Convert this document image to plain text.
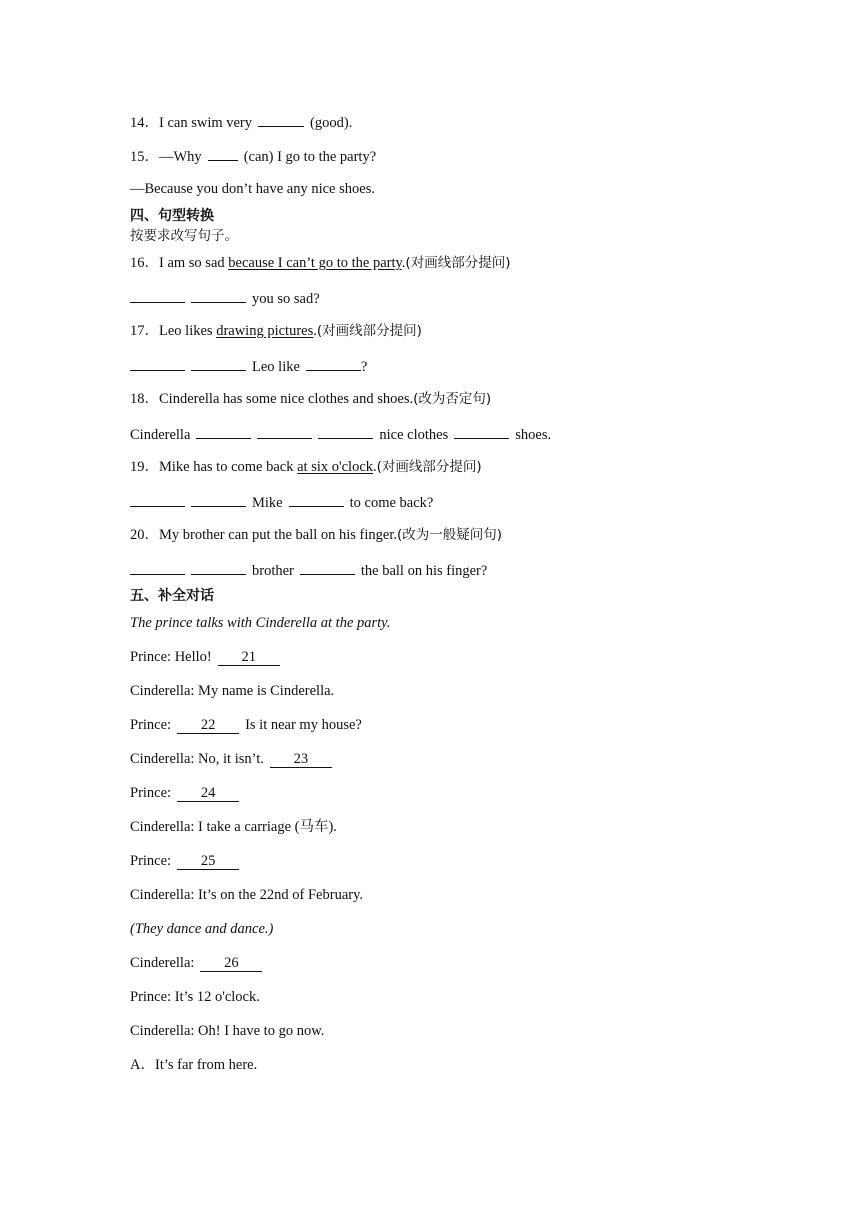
14．I can swim very	(good).
15．—Why	(can) I go to the party?
—Because you don’t have any nice shoes.
四、句型转换
按要求改写句子。
16．I am so sad because I can’t go to the party.(对画线部分提问)
you so sad?
17．Leo likes drawing pictures.(对画线部分提问)
Leo like	?
18．Cinderella has some nice clothes and shoes.(改为否定句)
Cinderella	nice clothes	shoes.
19．Mike has to come back at six o'clock.(对画线部分提问)
Mike	to come back?
20．My brother can put the ball on his finger.(改为一般疑问句)
brother	the ball on his finger?
五、补全对话
The prince talks with Cinderella at the party.
Prince: Hello! 21
Cinderella: My name is Cinderella.
Prince: 22 Is it near my house?
Cinderella: No, it isn’t. 23
Prince: 24
Cinderella: I take a carriage (马车).
Prince: 25
Cinderella: It’s on the 22nd of February.
(They dance and dance.)
Cinderella: 26
Prince: It’s 12 o'clock.
Cinderella: Oh! I have to go now.
A．It’s far from here.
